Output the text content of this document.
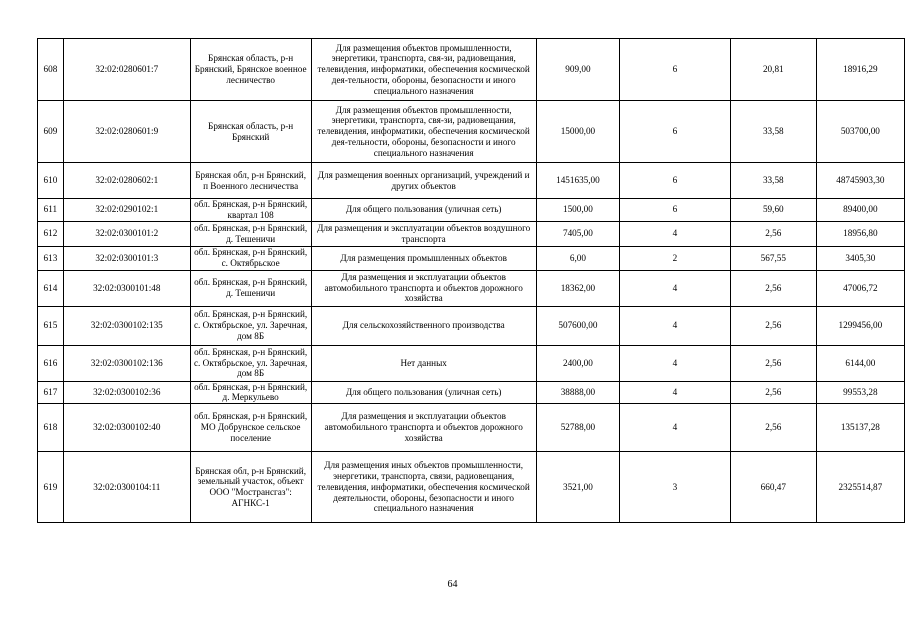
608	32:02:0280601:7	Брянская область, р-н Брянский, Брянское военное лесничество	Для размещения объектов промышленности, энергетики, транспорта, свя-зи, радиовещания, телевидения, информатики, обеспечения космической дея-тельности, обороны, безопасности и иного специального назначения	909,00	6	20,81	18916,29
609	32:02:0280601:9	Брянская область, р-н Брянский	Для размещения объектов промышленности, энергетики, транспорта, свя-зи, радиовещания, телевидения, информатики, обеспечения космической дея-тельности, обороны, безопасности и иного специального назначения	15000,00	6	33,58	503700,00
610	32:02:0280602:1	Брянская обл, р-н Брянский, п Военного лесничества	Для размещения военных организаций, учреждений и других объектов	1451635,00	6	33,58	48745903,30
611	32:02:0290102:1	обл. Брянская, р-н Брянский, квартал 108	Для общего пользования (уличная сеть)	1500,00	6	59,60	89400,00
612	32:02:0300101:2	обл. Брянская, р-н Брянский, д. Тешеничи	Для размещения и эксплуатации объектов воздушного транспорта	7405,00	4	2,56	18956,80
613	32:02:0300101:3	обл. Брянская, р-н Брянский, с. Октябрьское	Для размещения промышленных объектов	6,00	2	567,55	3405,30
614	32:02:0300101:48	обл. Брянская, р-н Брянский, д. Тешеничи	Для размещения и эксплуатации объектов автомобильного транспорта и объектов дорожного хозяйства	18362,00	4	2,56	47006,72
615	32:02:0300102:135	обл. Брянская, р-н Брянский, с. Октябрьское, ул. Заречная, дом 8Б	Для сельскохозяйственного производства	507600,00	4	2,56	1299456,00
616	32:02:0300102:136	обл. Брянская, р-н Брянский, с. Октябрьское, ул. Заречная, дом 8Б	Нет данных	2400,00	4	2,56	6144,00
617	32:02:0300102:36	обл. Брянская, р-н Брянский, д. Меркульево	Для общего пользования (уличная сеть)	38888,00	4	2,56	99553,28
618	32:02:0300102:40	обл. Брянская, р-н Брянский, МО Добрунское сельское поселение	Для размещения и эксплуатации объектов автомобильного транспорта и объектов дорожного хозяйства	52788,00	4	2,56	135137,28
619	32:02:0300104:11	Брянская обл, р-н Брянский, земельный участок, объект ООО "Мострансгаз": АГНКС-1	Для размещения иных объектов промышленности, энергетики, транспорта, связи, радиовещания, телевидения, информатики, обеспечения космической деятельности, обороны, безопасности и иного специального назначения	3521,00	3	660,47	2325514,87
64
